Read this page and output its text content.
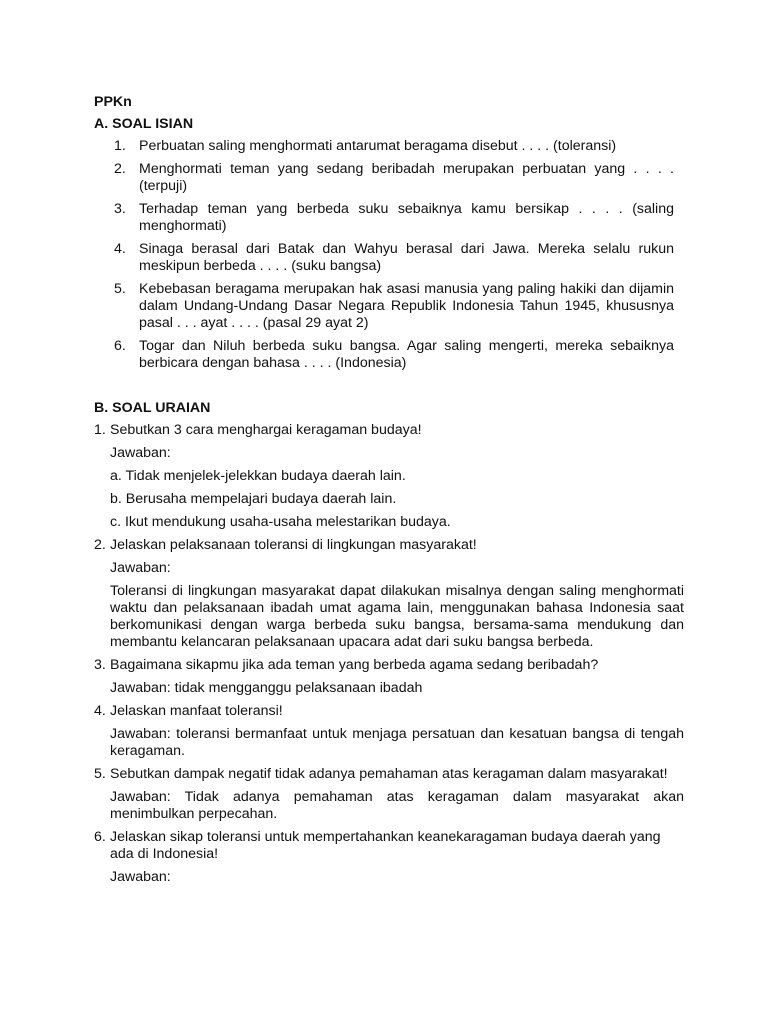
PPKn
A. SOAL ISIAN
1. Perbuatan saling menghormati antarumat beragama disebut . . . . (toleransi)
2. Menghormati teman yang sedang beribadah merupakan perbuatan yang . . . . (terpuji)
3. Terhadap teman yang berbeda suku sebaiknya kamu bersikap . . . . (saling menghormati)
4. Sinaga berasal dari Batak dan Wahyu berasal dari Jawa. Mereka selalu rukun meskipun berbeda . . . . (suku bangsa)
5. Kebebasan beragama merupakan hak asasi manusia yang paling hakiki dan dijamin dalam Undang-Undang Dasar Negara Republik Indonesia Tahun 1945, khususnya pasal . . . ayat . . . . (pasal 29 ayat 2)
6. Togar dan Niluh berbeda suku bangsa. Agar saling mengerti, mereka sebaiknya berbicara dengan bahasa . . . . (Indonesia)
B. SOAL URAIAN
1. Sebutkan 3 cara menghargai keragaman budaya!
Jawaban:
a. Tidak menjelek-jelekkan budaya daerah lain.
b. Berusaha mempelajari budaya daerah lain.
c. Ikut mendukung usaha-usaha melestarikan budaya.
2. Jelaskan pelaksanaan toleransi di lingkungan masyarakat!
Jawaban:
Toleransi di lingkungan masyarakat dapat dilakukan misalnya dengan saling menghormati waktu dan pelaksanaan ibadah umat agama lain, menggunakan bahasa Indonesia saat berkomunikasi dengan warga berbeda suku bangsa, bersama-sama mendukung dan membantu kelancaran pelaksanaan upacara adat dari suku bangsa berbeda.
3. Bagaimana sikapmu jika ada teman yang berbeda agama sedang beribadah?
Jawaban: tidak mengganggu pelaksanaan ibadah
4. Jelaskan manfaat toleransi!
Jawaban: toleransi bermanfaat untuk menjaga persatuan dan kesatuan bangsa di tengah keragaman.
5. Sebutkan dampak negatif tidak adanya pemahaman atas keragaman dalam masyarakat!
Jawaban: Tidak adanya pemahaman atas keragaman dalam masyarakat akan menimbulkan perpecahan.
6. Jelaskan sikap toleransi untuk mempertahankan keanekaragaman budaya daerah yang ada di Indonesia!
Jawaban:
